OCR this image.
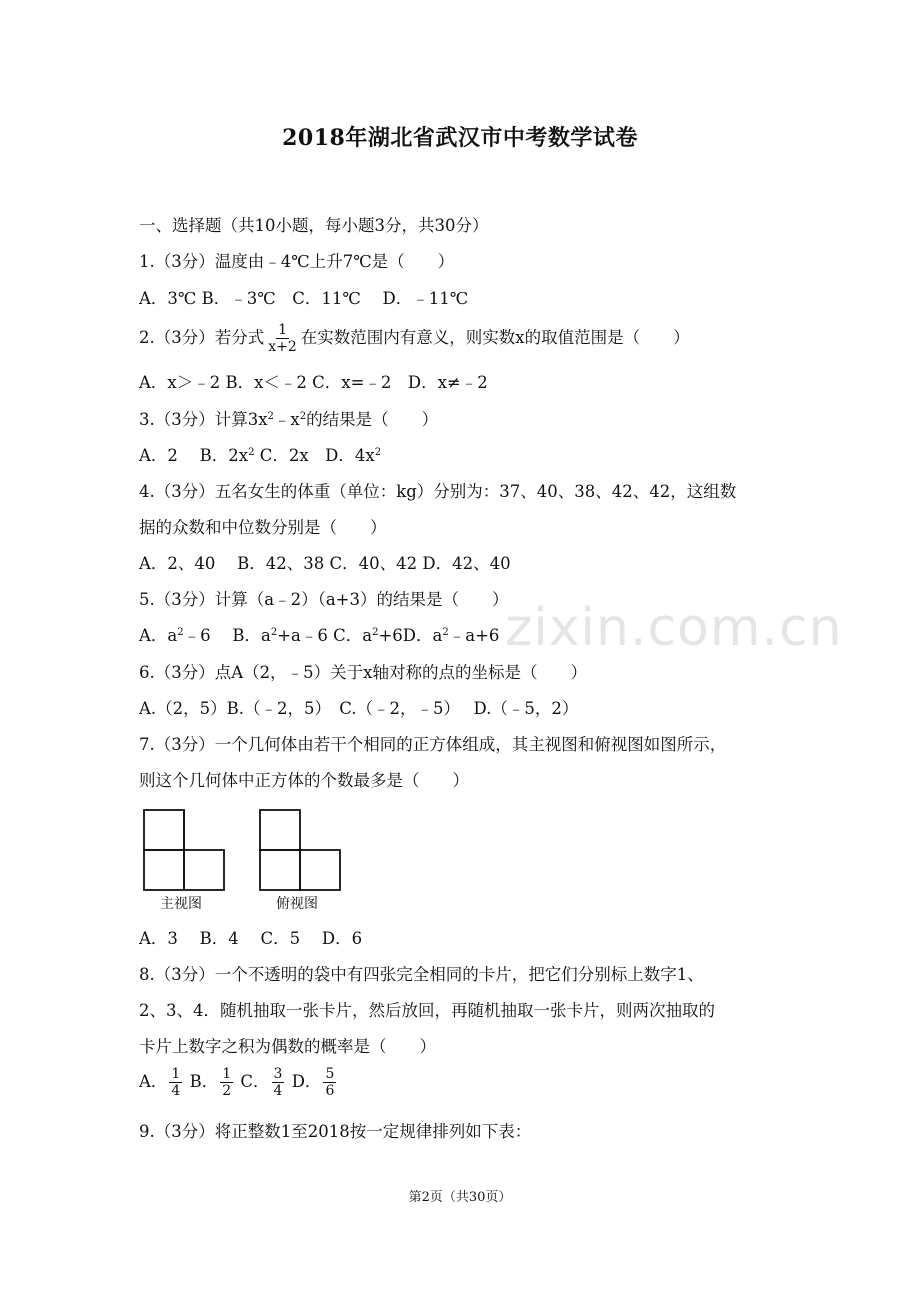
2018年湖北省武汉市中考数学试卷
一、选择题（共10小题，每小题3分，共30分）
1.（3分）温度由﹣4℃上升7℃是（　　）
A．3℃ B．﹣3℃　C．11℃　 D．﹣11℃
2.（3分）若分式 $\frac{1}{x+2}$ 在实数范围内有意义，则实数x的取值范围是（　　）
A．x＞﹣2 B．x＜﹣2 C．x=﹣2　D．x≠﹣2
3.（3分）计算$3x^2﹣x^2$的结果是（　　）
A．2　 B．$2x^2$ C．2x　D．$4x^2$
4.（3分）五名女生的体重（单位：kg）分别为：37、40、38、42、42，这组数
据的众数和中位数分别是（　　）
A．2、40　 B．42、38 C．40、42 D．42、40
5.（3分）计算（a﹣2）（a+3）的结果是（　　）
A．$a^2﹣6$　 B．$a^2+a﹣6$ C．$a^2+6D$．$a^2﹣a+6$
6.（3分）点A（2，﹣5）关于x轴对称的点的坐标是（　　）
A.（2，5）B.（﹣2，5）　C.（﹣2，﹣5）　 D.（﹣5，2）
7.（3分）一个几何体由若干个相同的正方体组成，其主视图和俯视图如图所示，
则这个几何体中正方体的个数最多是（　　）
主视图	俯视图
A．3　 B．4　 C．5　 D．6
8.（3分）一个不透明的袋中有四张完全相同的卡片，把它们分别标上数字1、
2、3、4．随机抽取一张卡片，然后放回，再随机抽取一张卡片，则两次抽取的
卡片上数字之积为偶数的概率是（　　）
A． $\frac{1}{4}$ B． $\frac{1}{2}$ C． $\frac{3}{4}$ D． $\frac{5}{6}$
9.（3分）将正整数1至2018按一定规律排列如下表：
zixin.com.cn
第2页（共30页）
